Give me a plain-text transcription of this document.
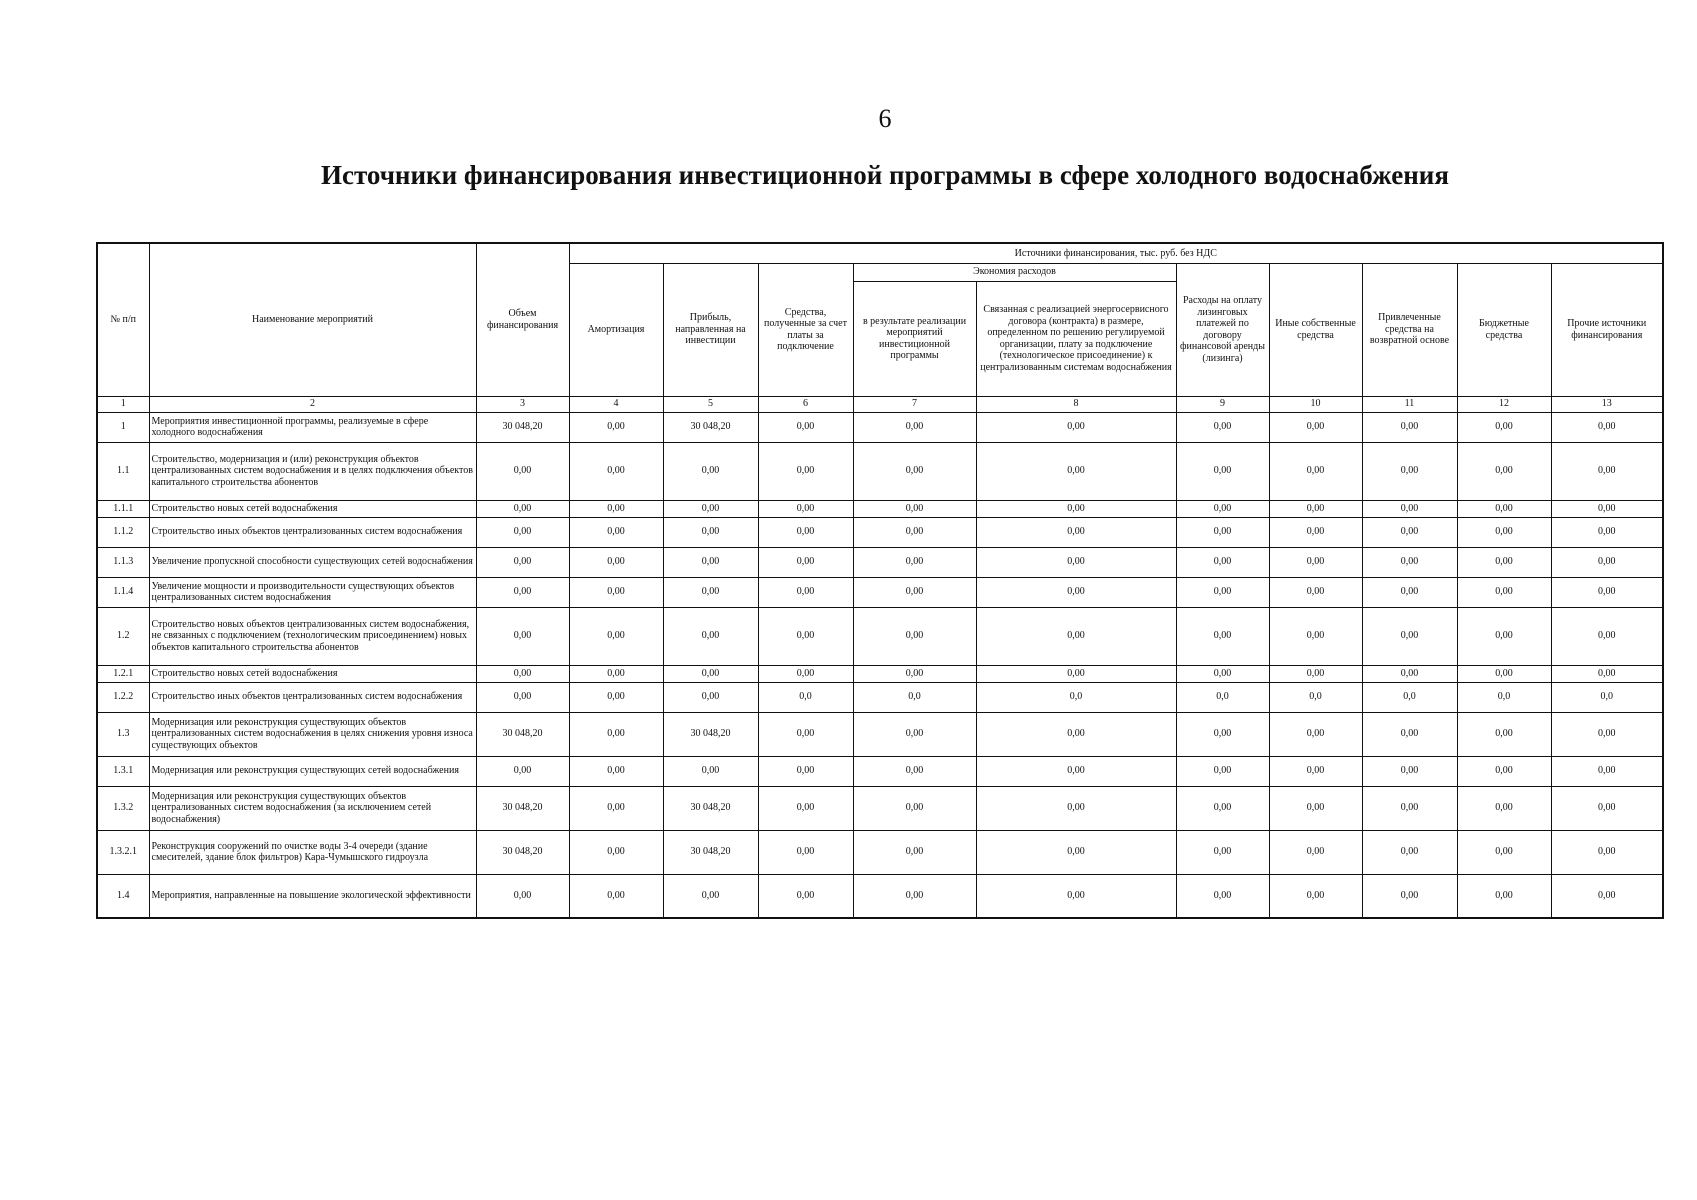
6
Источники финансирования инвестиционной программы в сфере холодного водоснабжения
№ п/п	Наименование мероприятий	Объем финансирования	Источники финансирования, тыс. руб. без НДС									
			Амортизация	Прибыль, направленная на инвестиции	Средства, полученные за счет платы за подключение	Экономия расходов		Расходы на оплату лизинговых платежей по договору финансовой аренды (лизинга)	Иные собственные средства	Привлеченные средства на возвратной основе	Бюджетные средства	Прочие источники финансирования
						в результате реализации мероприятий инвестиционной программы	Связанная с реализацией энергосервисного договора (контракта) в размере, определенном по решению регулируемой организации, плату за подключение (технологическое присоединение) к централизованным системам водоснабжения					
1	2	3	4	5	6	7	8	9	10	11	12	13
1	Мероприятия инвестиционной программы, реализуемые в сфере холодного водоснабжения	30 048,20	0,00	30 048,20	0,00	0,00	0,00	0,00	0,00	0,00	0,00	0,00
1.1	Строительство, модернизация и (или) реконструкция объектов централизованных систем водоснабжения и в целях подключения объектов капитального строительства абонентов	0,00	0,00	0,00	0,00	0,00	0,00	0,00	0,00	0,00	0,00	0,00
1.1.1	Строительство новых сетей водоснабжения	0,00	0,00	0,00	0,00	0,00	0,00	0,00	0,00	0,00	0,00	0,00
1.1.2	Строительство иных объектов централизованных систем водоснабжения	0,00	0,00	0,00	0,00	0,00	0,00	0,00	0,00	0,00	0,00	0,00
1.1.3	Увеличение пропускной способности существующих сетей водоснабжения	0,00	0,00	0,00	0,00	0,00	0,00	0,00	0,00	0,00	0,00	0,00
1.1.4	Увеличение мощности и производительности существующих объектов централизованных систем водоснабжения	0,00	0,00	0,00	0,00	0,00	0,00	0,00	0,00	0,00	0,00	0,00
1.2	Строительство новых объектов централизованных систем водоснабжения, не связанных с подключением (технологическим присоединением) новых объектов капитального строительства абонентов	0,00	0,00	0,00	0,00	0,00	0,00	0,00	0,00	0,00	0,00	0,00
1.2.1	Строительство новых сетей водоснабжения	0,00	0,00	0,00	0,00	0,00	0,00	0,00	0,00	0,00	0,00	0,00
1.2.2	Строительство иных объектов централизованных систем водоснабжения	0,00	0,00	0,00	0,0	0,0	0,0	0,0	0,0	0,0	0,0	0,0
1.3	Модернизация или реконструкция существующих объектов централизованных систем водоснабжения в целях снижения уровня износа существующих объектов	30 048,20	0,00	30 048,20	0,00	0,00	0,00	0,00	0,00	0,00	0,00	0,00
1.3.1	Модернизация или реконструкция существующих сетей водоснабжения	0,00	0,00	0,00	0,00	0,00	0,00	0,00	0,00	0,00	0,00	0,00
1.3.2	Модернизация или реконструкция существующих объектов централизованных систем водоснабжения (за исключением сетей водоснабжения)	30 048,20	0,00	30 048,20	0,00	0,00	0,00	0,00	0,00	0,00	0,00	0,00
1.3.2.1	Реконструкция сооружений по очистке воды 3-4 очереди (здание смесителей, здание блок фильтров) Кара-Чумышского гидроузла	30 048,20	0,00	30 048,20	0,00	0,00	0,00	0,00	0,00	0,00	0,00	0,00
1.4	Мероприятия, направленные на повышение экологической эффективности	0,00	0,00	0,00	0,00	0,00	0,00	0,00	0,00	0,00	0,00	0,00
